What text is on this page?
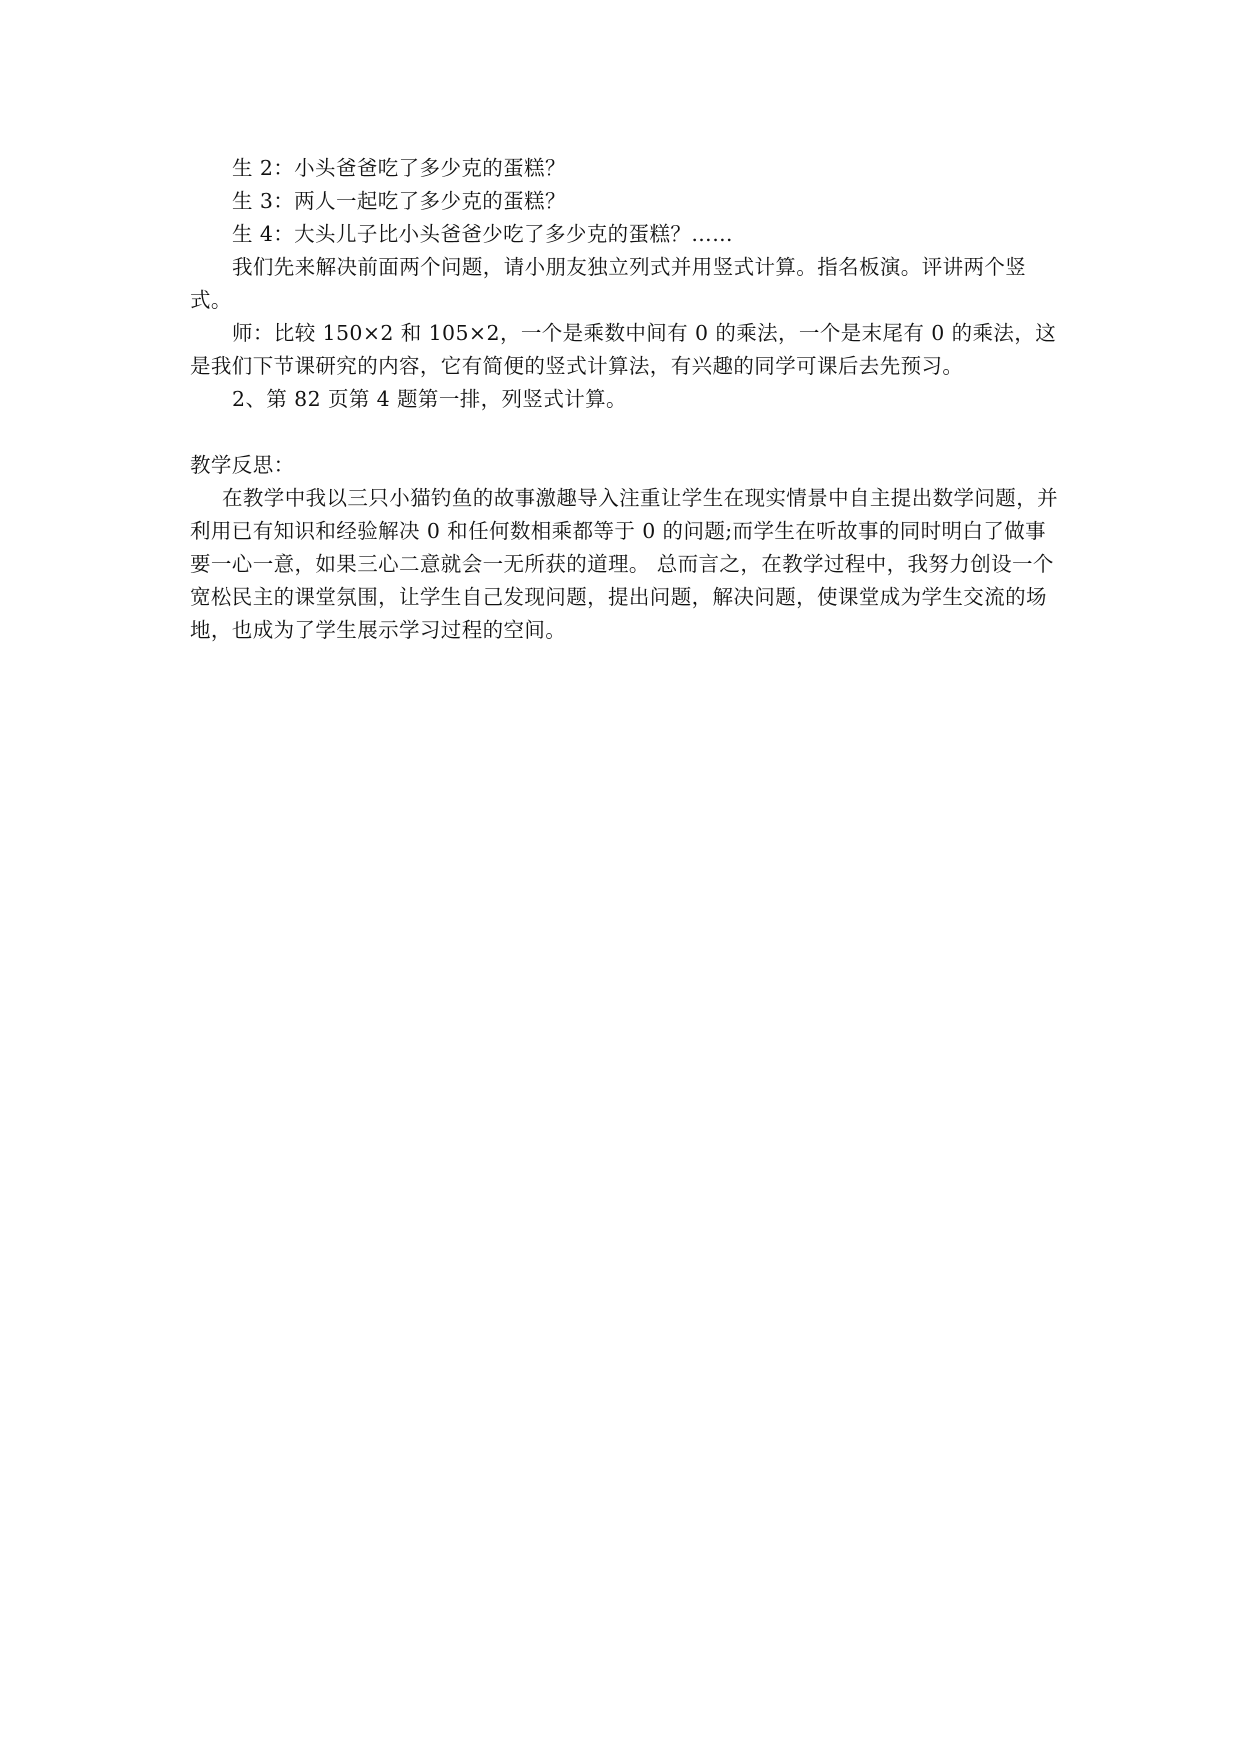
生 2：小头爸爸吃了多少克的蛋糕？

生 3：两人一起吃了多少克的蛋糕？

生 4：大头儿子比小头爸爸少吃了多少克的蛋糕？……

我们先来解决前面两个问题，请小朋友独立列式并用竖式计算。指名板演。评讲两个竖式。

师：比较 150×2 和 105×2，一个是乘数中间有 0 的乘法，一个是末尾有 0 的乘法，这是我们下节课研究的内容，它有简便的竖式计算法，有兴趣的同学可课后去先预习。

2、第 82 页第 4 题第一排，列竖式计算。

教学反思：

在教学中我以三只小猫钓鱼的故事激趣导入注重让学生在现实情景中自主提出数学问题，并利用已有知识和经验解决 0 和任何数相乘都等于 0 的问题;而学生在听故事的同时明白了做事要一心一意，如果三心二意就会一无所获的道理。 总而言之，在教学过程中，我努力创设一个宽松民主的课堂氛围，让学生自己发现问题，提出问题，解决问题，使课堂成为学生交流的场地，也成为了学生展示学习过程的空间。
